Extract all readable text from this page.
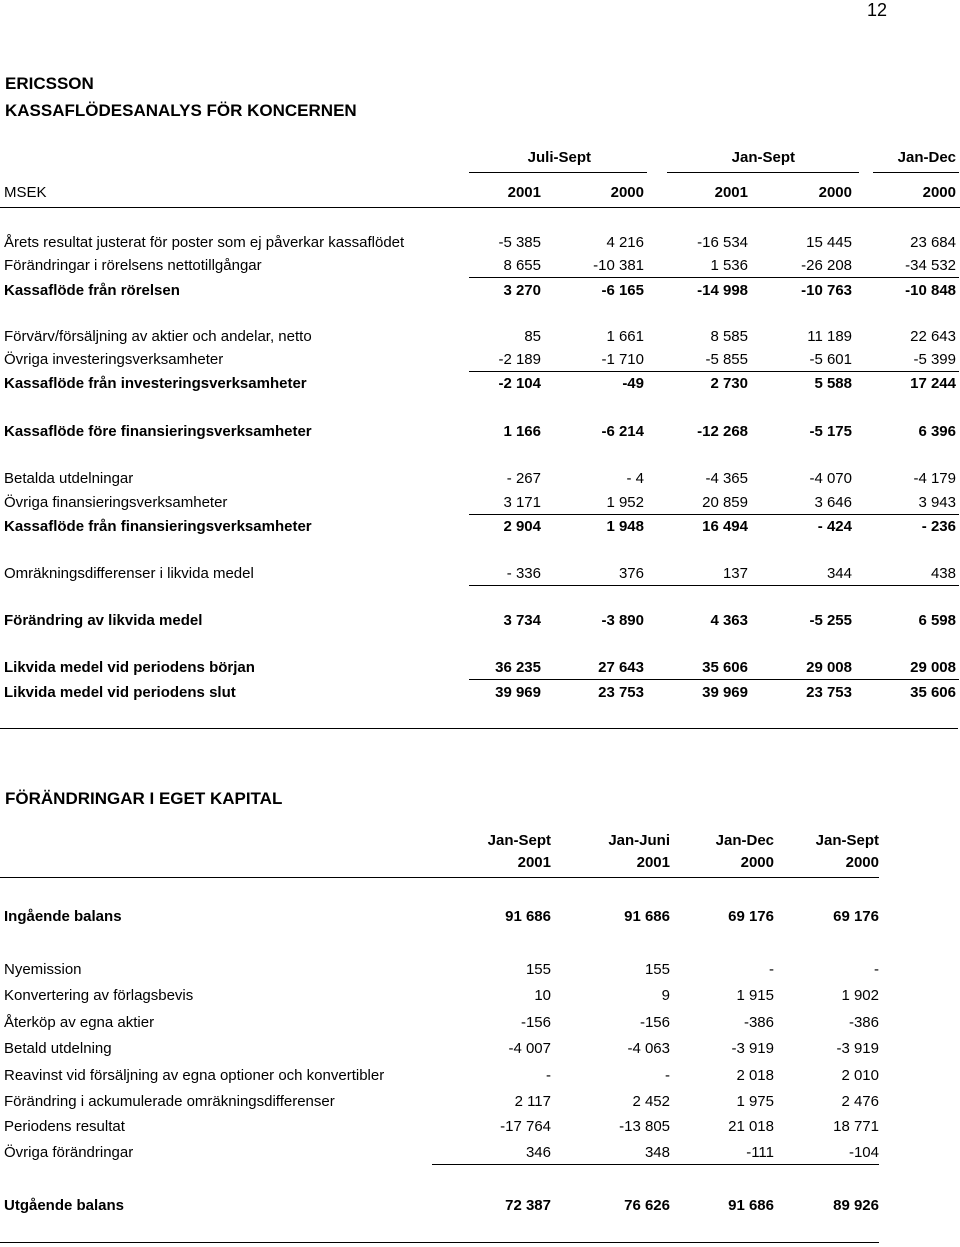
12
ERICSSON
KASSAFLÖDESANALYS FÖR KONCERNEN
Juli-Sept	Jan-Sept	Jan-Dec
MSEK	2001	2000	2001	2000	2000
Årets resultat justerat för poster som ej påverkar kassaflödet	-5 385	4 216	-16 534	15 445	23 684
Förändringar i rörelsens nettotillgångar	8 655	-10 381	1 536	-26 208	-34 532
Kassaflöde från rörelsen	3 270	-6 165	-14 998	-10 763	-10 848
Förvärv/försäljning av aktier och andelar, netto	85	1 661	8 585	11 189	22 643
Övriga investeringsverksamheter	-2 189	-1 710	-5 855	-5 601	-5 399
Kassaflöde från investeringsverksamheter	-2 104	-49	2 730	5 588	17 244
Kassaflöde före finansieringsverksamheter	1 166	-6 214	-12 268	-5 175	6 396
Betalda utdelningar	- 267	- 4	-4 365	-4 070	-4 179
Övriga finansieringsverksamheter	3 171	1 952	20 859	3 646	3 943
Kassaflöde från finansieringsverksamheter	2 904	1 948	16 494	- 424	- 236
Omräkningsdifferenser i likvida medel	- 336	376	137	344	438
Förändring av likvida medel	3 734	-3 890	4 363	-5 255	6 598
Likvida medel vid periodens början	36 235	27 643	35 606	29 008	29 008
Likvida medel vid periodens slut	39 969	23 753	39 969	23 753	35 606
FÖRÄNDRINGAR I EGET KAPITAL
Jan-Sept	Jan-Juni	Jan-Dec	Jan-Sept
2001	2001	2000	2000
Ingående balans	91 686	91 686	69 176	69 176
Nyemission	155	155	-	-
Konvertering av förlagsbevis	10	9	1 915	1 902
Återköp av egna aktier	-156	-156	-386	-386
Betald utdelning	-4 007	-4 063	-3 919	-3 919
Reavinst vid försäljning av egna optioner och konvertibler	-	-	2 018	2 010
Förändring i ackumulerade omräkningsdifferenser	2 117	2 452	1 975	2 476
Periodens resultat	-17 764	-13 805	21 018	18 771
Övriga förändringar	346	348	-111	-104
Utgående balans	72 387	76 626	91 686	89 926
